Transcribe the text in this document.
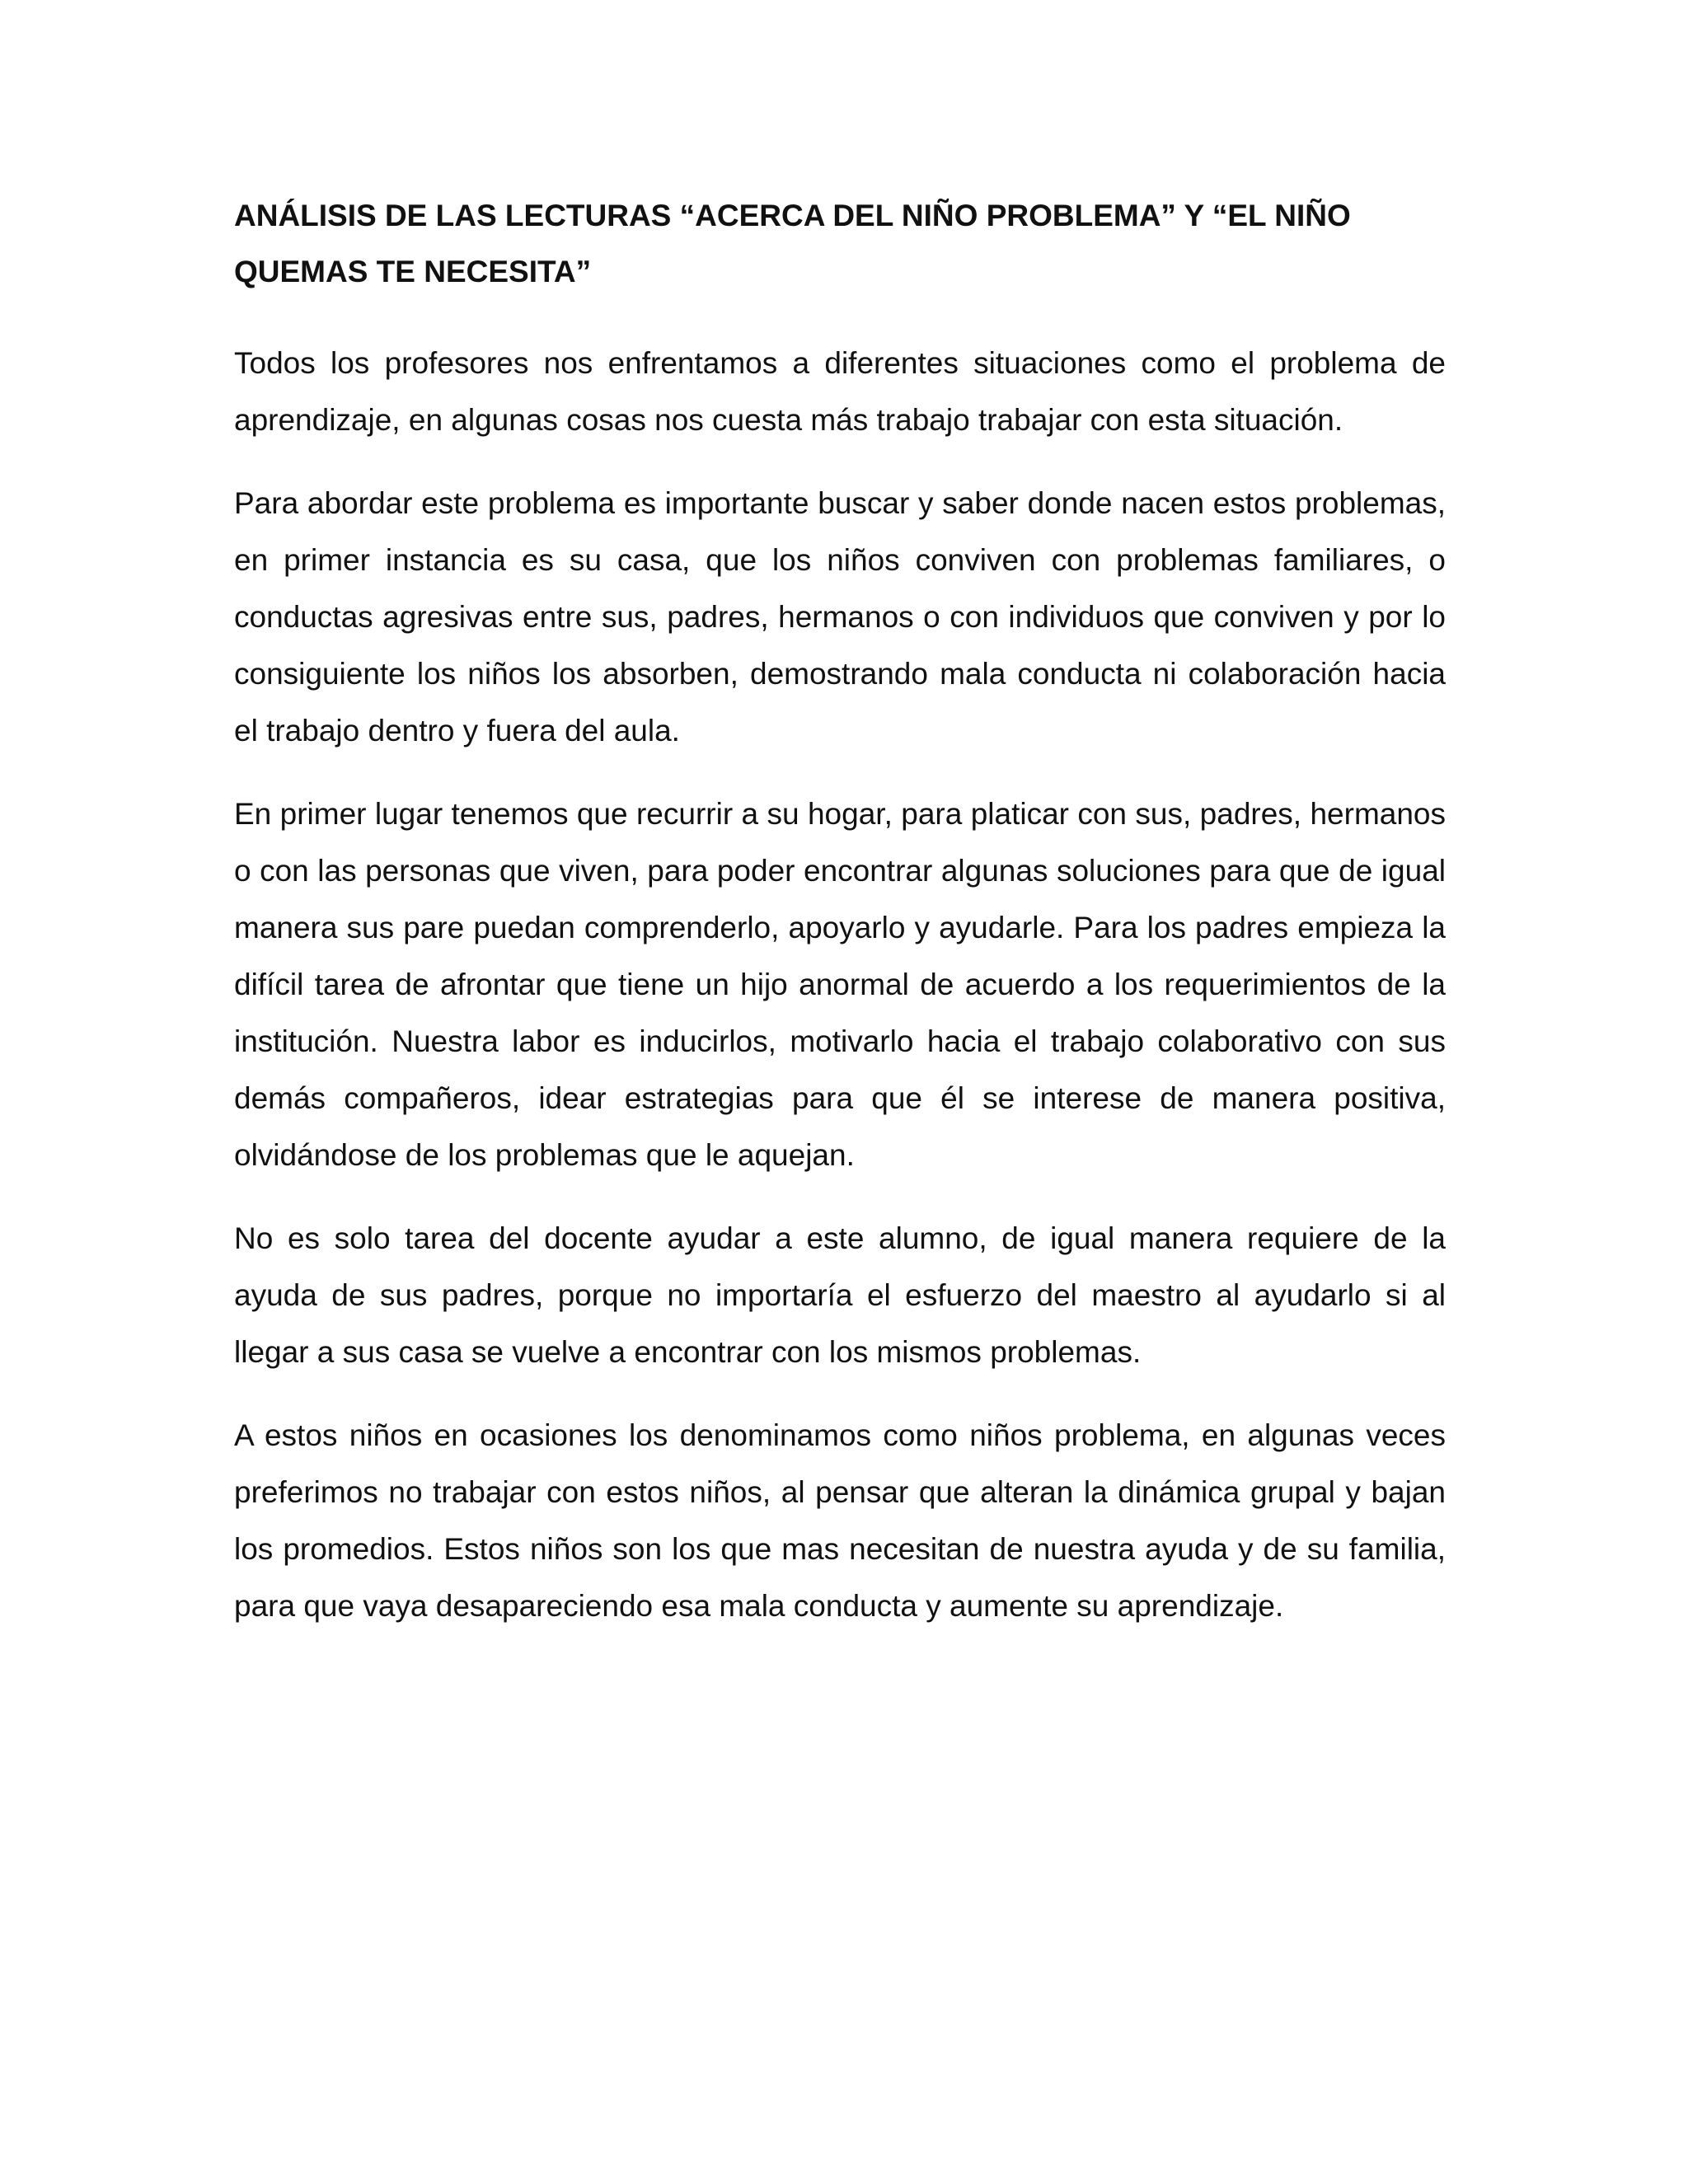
ANÁLISIS DE LAS LECTURAS “ACERCA DEL NIÑO PROBLEMA” Y “EL NIÑO QUEMAS TE NECESITA”

Todos los profesores nos enfrentamos a diferentes situaciones como el problema de aprendizaje, en algunas cosas nos cuesta más trabajo trabajar con esta situación.

Para abordar este problema es importante buscar y saber donde nacen estos problemas, en primer instancia es su casa, que los niños conviven con problemas familiares, o conductas agresivas entre sus, padres, hermanos o con individuos que conviven y por lo consiguiente los niños los absorben, demostrando mala conducta ni colaboración hacia el trabajo dentro y fuera del aula.

En primer lugar tenemos que recurrir a su hogar, para platicar con sus, padres, hermanos o con las personas que viven, para poder encontrar algunas soluciones para que de igual manera sus pare puedan comprenderlo, apoyarlo y ayudarle. Para los padres empieza la difícil tarea de afrontar que tiene un hijo anormal de acuerdo a los requerimientos de la institución. Nuestra labor es inducirlos, motivarlo hacia el trabajo colaborativo con sus demás compañeros, idear estrategias para que él se interese de manera positiva, olvidándose de los problemas que le aquejan.

No es solo tarea del docente ayudar a este alumno, de igual manera requiere de la ayuda de sus padres, porque no importaría el esfuerzo del maestro al ayudarlo si al llegar a sus casa se vuelve a encontrar con los mismos problemas.

A estos niños en ocasiones los denominamos como niños problema, en algunas veces preferimos no trabajar con estos niños, al pensar que alteran la dinámica grupal y bajan los promedios. Estos niños son los que mas necesitan de nuestra ayuda y de su familia, para que vaya desapareciendo esa mala conducta y aumente su aprendizaje.
